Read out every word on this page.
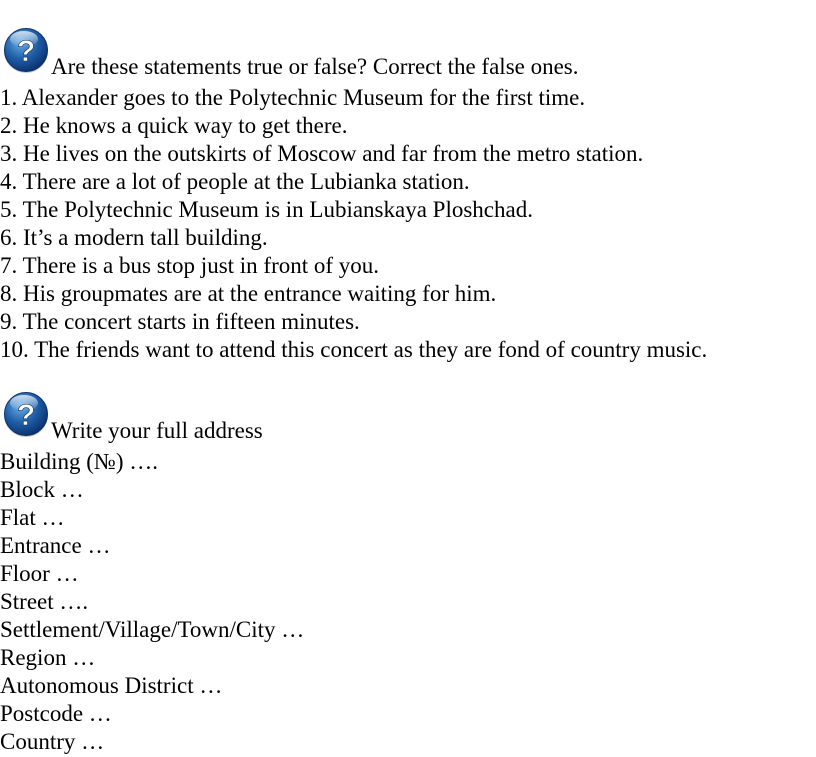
? Are these statements true or false? Correct the false ones.
1. Alexander goes to the Polytechnic Museum for the first time.
2. He knows a quick way to get there.
3. He lives on the outskirts of Moscow and far from the metro station.
4. There are a lot of people at the Lubianka station.
5. The Polytechnic Museum is in Lubianskaya Ploshchad.
6. It’s a modern tall building.
7. There is a bus stop just in front of you.
8. His groupmates are at the entrance waiting for him.
9. The concert starts in fifteen minutes.
10. The friends want to attend this concert as they are fond of country music.
? Write your full address
Building (№) ….
Block …
Flat …
Entrance …
Floor …
Street ….
Settlement/Village/Town/City …
Region …
Autonomous District …
Postcode …
Country …
